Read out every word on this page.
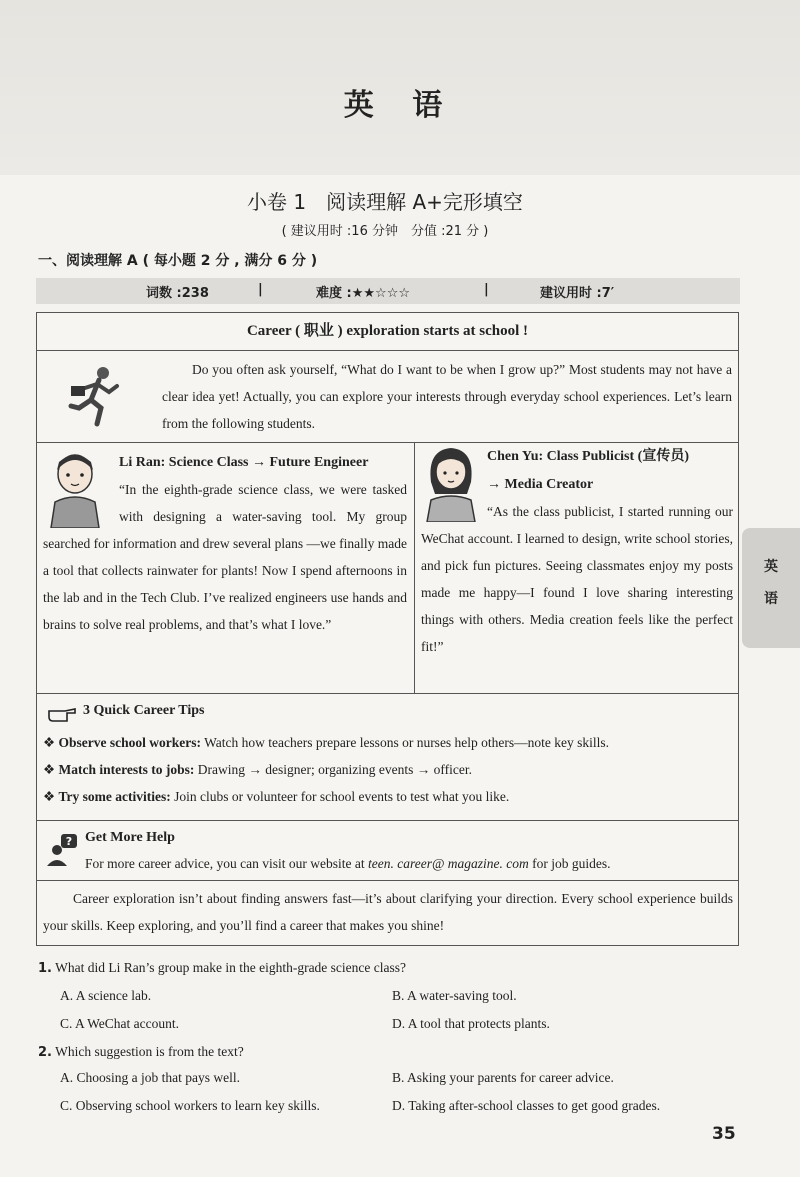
英 语
英
语
小卷 1　阅读理解 A+完形填空
( 建议用时 :16 分钟　分值 :21 分 )
一、阅读理解 A ( 每小题 2 分 , 满分 6 分 )
词数 :238	|	难度 :★★☆☆☆	|	建议用时 :7′
Career ( 职业 ) exploration starts at school !
Do you often ask yourself, “What do I want to be when I grow up?” Most students may not have a clear idea yet! Actually, you can explore your interests through everyday school experiences. Let’s learn from the following students.
Li Ran: Science Class → Future Engineer
“In the eighth-grade science class, we were tasked with designing a water-saving tool. My group searched for information and drew several plans —we finally made a tool that collects rainwater for plants! Now I spend afternoons in the lab and in the Tech Club. I’ve realized engineers use hands and brains to solve real problems, and that’s what I love.”
Chen Yu: Class Publicist (宣传员)
→ Media Creator
“As the class publicist, I started running our WeChat account. I learned to design, write school stories, and pick fun pictures. Seeing classmates enjoy my posts made me happy—I found I love sharing interesting things with others. Media creation feels like the perfect fit!”
3 Quick Career Tips
❖ Observe school workers: Watch how teachers prepare lessons or nurses help others—note key skills.
❖ Match interests to jobs: Drawing → designer; organizing events → officer.
❖ Try some activities: Join clubs or volunteer for school events to test what you like.
? Get More Help
For more career advice, you can visit our website at teen. career@ magazine. com for job guides.
Career exploration isn’t about finding answers fast—it’s about clarifying your direction. Every school experience builds your skills. Keep exploring, and you’ll find a career that makes you shine!
1. What did Li Ran’s group make in the eighth-grade science class?
A. A science lab.	B. A water-saving tool.
C. A WeChat account.	D. A tool that protects plants.
2. Which suggestion is from the text?
A. Choosing a job that pays well.	B. Asking your parents for career advice.
C. Observing school workers to learn key skills.	D. Taking after-school classes to get good grades.
35
